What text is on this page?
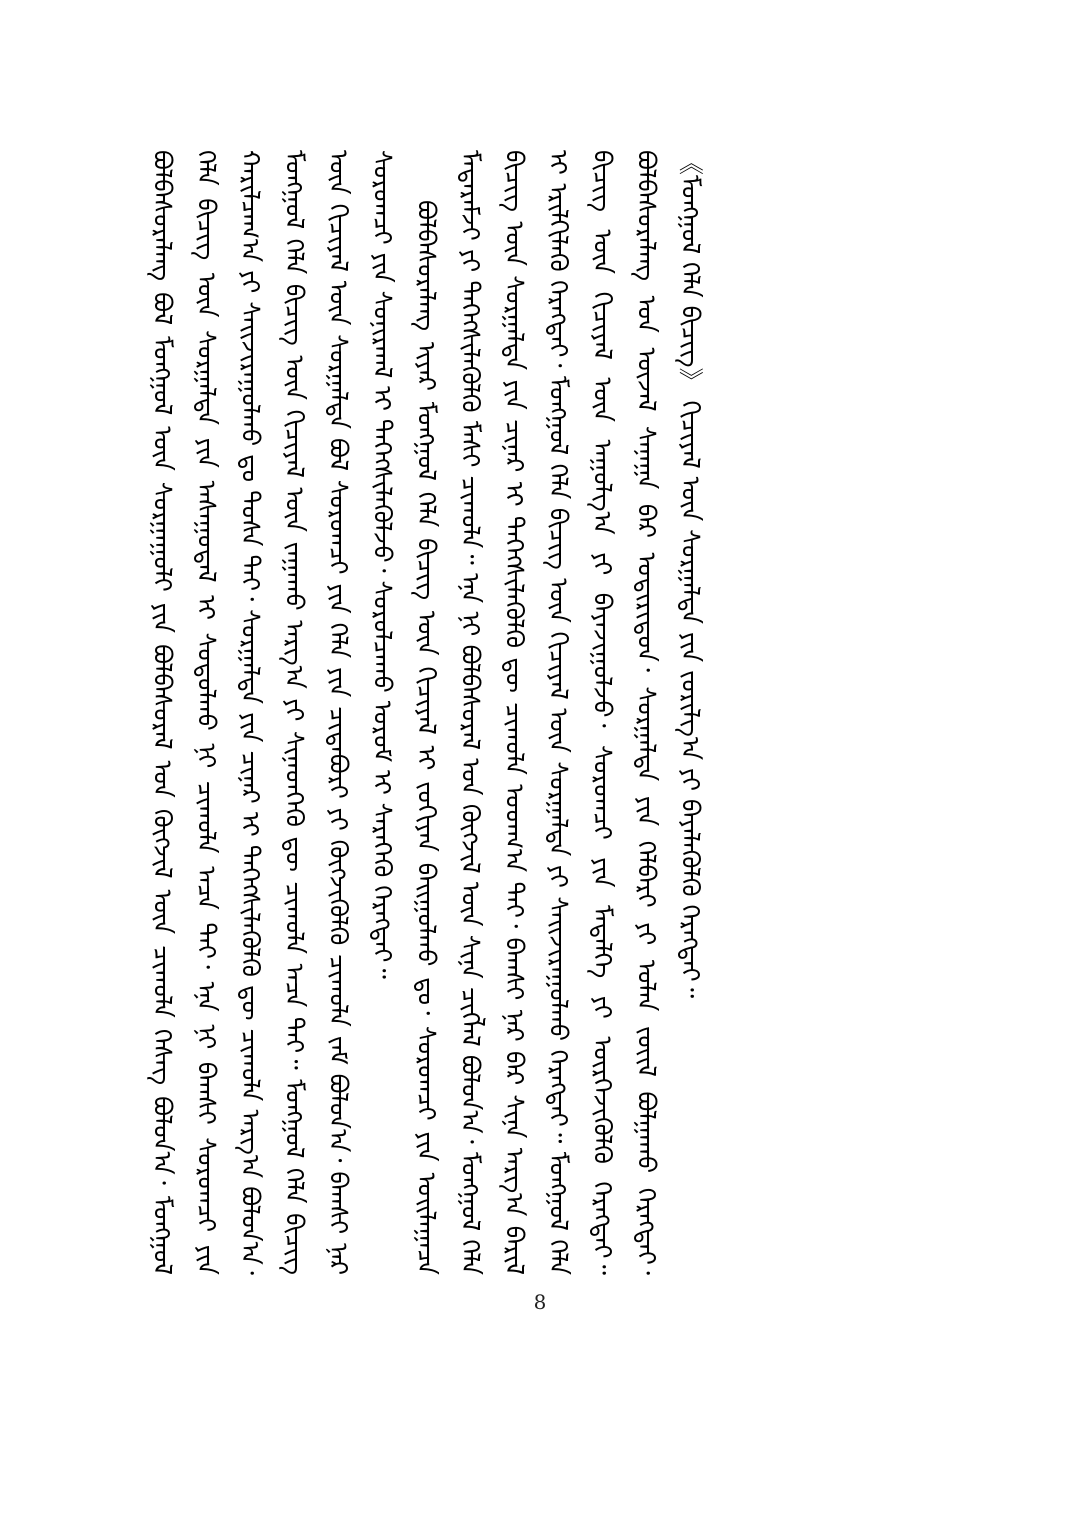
ᠪᠣᠯᠪᠠᠰᠤᠷᠠᠯᠠᠩ ᠪᠣᠯ ᠮᠣᠩᠭᠣᠯ ᠦᠨ ᠰᠤᠷᠭᠠᠭᠤᠯᠢ ᠶᠢᠨ ᠪᠣᠯᠪᠠᠰᠤᠷᠠᠯ ᠤᠨ ᠬᠥᠭᠵᠢᠯ ᠦᠨ ᠴᠢᠬᠤᠯᠠ ᠬᠡᠰᠡᠭ ᠪᠣᠯᠤᠨ᠎ᠠ᠂ ᠮᠣᠩᠭᠣᠯ ᠬᠡᠯᠡ ᠪᠢᠴᠢᠭ ᠦᠨ ᠰᠤᠷᠭᠠᠯᠲᠠ ᠶᠢᠨ ᠠᠰᠠᠭᠤᠳᠠᠯ ᠢ ᠰᠤᠳᠤᠯᠬᠤ ᠨᠢ ᠴᠢᠬᠤᠯᠠ ᠠᠴᠠ ᠲᠠᠢ᠂ ᠡᠨᠡ ᠨᠢ ᠪᠠᠭᠰᠢ ᠰᠤᠷᠤᠭᠴᠢ ᠶᠢᠨ ᠬᠠᠷᠢᠯᠴᠠᠭ᠎ᠠ ᠶᠢ ᠰᠠᠢᠵᠢᠷᠠᠭᠤᠯᠬᠤ ᠳᠤ ᠲᠤᠰᠠ ᠲᠠᠢ᠂ ᠰᠤᠷᠭᠠᠯᠲᠠ ᠶᠢᠨ ᠴᠢᠨᠠᠷ ᠢ ᠳᠡᠭᠡᠭᠰᠢᠯᠡᠭᠦᠯᠬᠦ ᠳᠦ ᠴᠢᠬᠤᠯᠠ ᠠᠷᠭ᠎ᠠ ᠪᠣᠯᠤᠨ᠎ᠠ᠂ ᠮᠣᠩᠭᠣᠯ ᠬᠡᠯᠡ ᠪᠢᠴᠢᠭ ᠦᠨ ᠬᠢᠴᠢᠶᠡᠯ ᠦᠨ ᠵᠠᠭᠠᠬᠤ ᠠᠷᠭ᠎ᠠ ᠶᠢ ᠰᠢᠨᠡᠳᠬᠡᠬᠦ ᠳᠦ ᠴᠢᠬᠤᠯᠠ ᠠᠴᠠ ᠲᠠᠢ᠃ ᠮᠣᠩᠭᠣᠯ ᠬᠡᠯᠡ ᠪᠢᠴᠢᠭ ᠦᠨ ᠬᠢᠴᠢᠶᠡᠯ ᠦᠨ ᠰᠤᠷᠭᠠᠯᠲᠠ ᠪᠣᠯ ᠰᠤᠷᠤᠭᠴᠢ ᠶᠢᠨ ᠬᠡᠯᠡ ᠶᠢᠨ ᠴᠢᠳᠠᠪᠤᠷᠢ ᠶᠢ ᠬᠥᠭᠵᠢᠭᠦᠯᠬᠦ ᠴᠢᠬᠤᠯᠠ ᠵᠠᠮ ᠪᠣᠯᠤᠨ᠎ᠠ᠂ ᠪᠠᠭᠰᠢ ᠨᠠᠷ ᠰᠤᠷᠤᠭᠴᠢ ᠶᠢᠨ ᠰᠣᠨᠢᠷᠬᠠᠯ ᠢ ᠳᠡᠭᠡᠭᠰᠢᠯᠡᠭᠦᠯᠵᠦ᠂ ᠰᠤᠷᠤᠯᠴᠠᠬᠤ ᠤᠷᠤᠮ ᠢ ᠰᠡᠷᠡᠭᠡᠬᠦ ᠬᠡᠷᠡᠭᠲᠡᠢ᠃ ᠪᠣᠯᠪᠠᠰᠤᠷᠠᠯᠠᠩ ᠢᠶᠡᠷ ᠮᠣᠩᠭᠣᠯ ᠬᠡᠯᠡ ᠪᠢᠴᠢᠭ ᠦᠨ ᠬᠢᠴᠢᠶᠡᠯ ᠢ ᠵᠣᠬᠢᠶᠠᠨ ᠪᠠᠢᠭᠤᠯᠬᠤ ᠳᠤ᠂ ᠰᠤᠷᠤᠭᠴᠢ ᠶᠢᠨ ᠤᠢᠯᠠᠭᠠᠴᠠ ᠮᠡᠳᠡᠷᠡᠮᠵᠢ ᠶᠢ ᠳᠡᠭᠡᠭᠰᠢᠯᠡᠭᠦᠯᠬᠦ ᠮᠠᠰᠢ ᠴᠢᠬᠤᠯᠠ᠃ ᠡᠨᠡ ᠨᠢ ᠪᠣᠯᠪᠠᠰᠤᠷᠠᠯ ᠤᠨ ᠬᠥᠭᠵᠢᠯ ᠦᠨ ᠰᠢᠨᠡ ᠴᠢᠭᠯᠡᠯ ᠪᠣᠯᠤᠨ᠎ᠠ᠂ ᠮᠣᠩᠭᠣᠯ ᠬᠡᠯᠡ ᠪᠢᠴᠢᠭ ᠦᠨ ᠰᠤᠷᠭᠠᠯᠲᠠ ᠶᠢᠨ ᠴᠢᠨᠠᠷ ᠢ ᠳᠡᠭᠡᠭᠰᠢᠯᠡᠭᠦᠯᠬᠦ ᠳᠦ ᠴᠢᠬᠤᠯᠠ ᠤᠳᠬ᠎ᠠ ᠲᠠᠢ᠂ ᠪᠠᠭᠰᠢ ᠨᠠᠷ ᠪᠠᠷ ᠰᠢᠨᠡ ᠠᠷᠭ᠎ᠠ ᠪᠠᠷᠢᠯ ᠢ ᠡᠷᠢᠯᠬᠢᠯᠡᠬᠦ ᠬᠡᠷᠡᠭᠲᠡᠢ᠂ ᠮᠣᠩᠭᠣᠯ ᠬᠡᠯᠡ ᠪᠢᠴᠢᠭ ᠦᠨ ᠬᠢᠴᠢᠶᠡᠯ ᠦᠨ ᠰᠤᠷᠭᠠᠯᠲᠠ ᠶᠢ ᠰᠠᠢᠵᠢᠷᠠᠭᠤᠯᠬᠤ ᠬᠡᠷᠡᠭᠲᠡᠢ᠃ ᠮᠣᠩᠭᠣᠯ ᠬᠡᠯᠡ ᠪᠢᠴᠢᠭ ᠦᠨ ᠬᠢᠴᠢᠶᠡᠯ ᠦᠨ ᠠᠭᠤᠯᠭ᠎ᠠ ᠶᠢ ᠪᠠᠶᠠᠵᠢᠭᠤᠯᠵᠤ᠂ ᠰᠤᠷᠤᠭᠴᠢ ᠶᠢᠨ ᠮᠡᠳᠡᠯᠭᠡ ᠶᠢ ᠥᠷᠭᠡᠵᠢᠭᠦᠯᠬᠦ ᠬᠡᠷᠡᠭᠲᠡᠢ᠃ ᠪᠣᠯᠪᠠᠰᠤᠷᠠᠯᠠᠩ ᠤᠨ ᠦᠵᠡᠯ ᠰᠠᠨᠠᠭᠠ ᠪᠠᠷ ᠤᠳᠢᠷᠢᠳᠤᠨ᠂ ᠰᠤᠷᠭᠠᠯᠲᠠ ᠶᠢᠨ ᠬᠡᠯᠪᠡᠷᠢ ᠶᠢ ᠣᠯᠠᠨ ᠵᠦᠢᠯ ᠪᠣᠯᠭᠠᠬᠤ ᠬᠡᠷᠡᠭᠲᠡᠢ᠂ 《ᠮᠣᠩᠭᠣᠯ ᠬᠡᠯᠡ ᠪᠢᠴᠢᠭ》 ᠬᠢᠴᠢᠶᠡᠯ ᠦᠨ ᠰᠤᠷᠭᠠᠯᠲᠠ ᠶᠢᠨ ᠵᠣᠷᠢᠯᠭ᠎ᠠ ᠶᠢ ᠪᠡᠶᠡᠯᠡᠭᠦᠯᠬᠦ ᠬᠡᠷᠡᠭᠲᠡᠢ᠃

8
